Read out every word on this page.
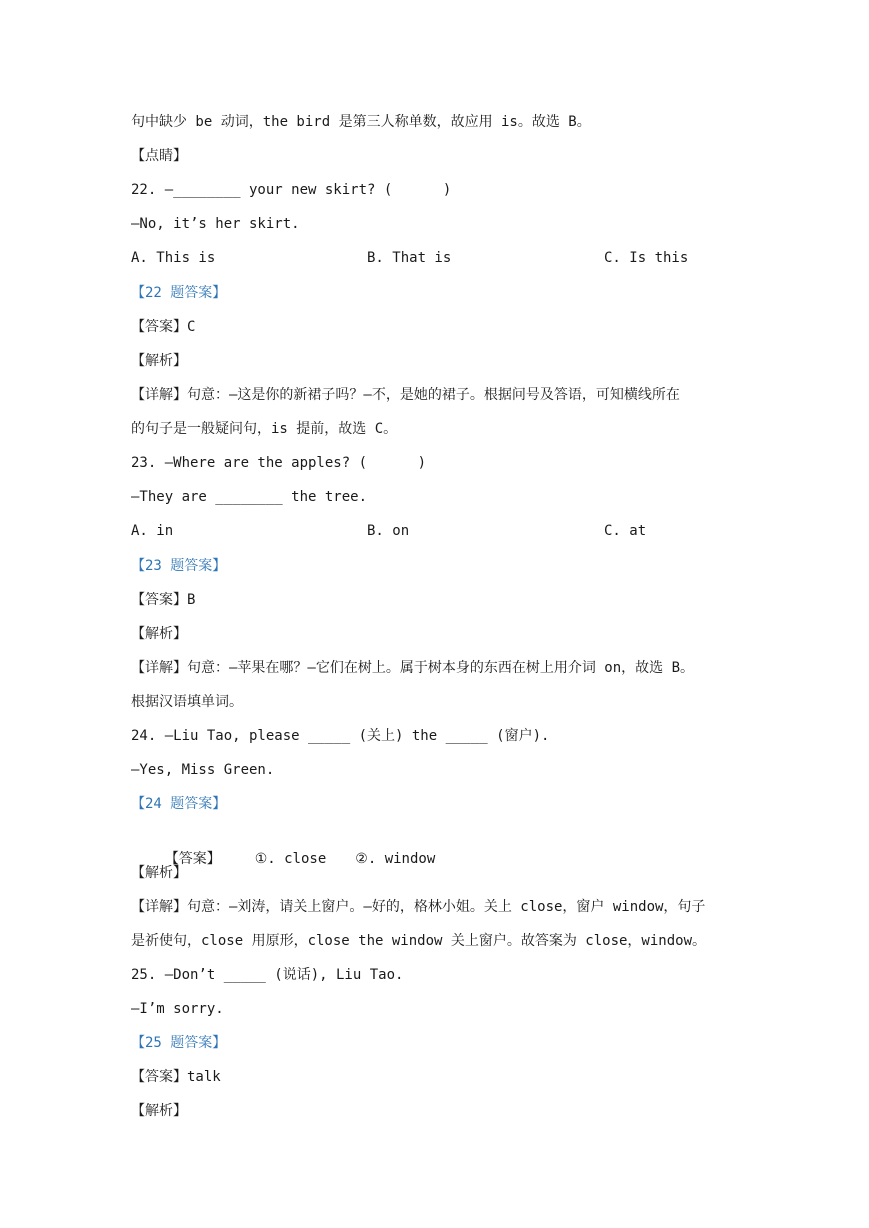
句中缺少 be 动词，the bird 是第三人称单数，故应用 is。故选 B。
【点睛】
22. —________ your new skirt? (      )
—No, it’s her skirt.
A. This is	B. That is	C. Is this
【22 题答案】
【答案】C
【解析】
【详解】句意：—这是你的新裙子吗？—不，是她的裙子。根据问号及答语，可知横线所在
的句子是一般疑问句，is 提前，故选 C。
23. —Where are the apples? (      )
—They are ________ the tree.
A. in	B. on	C. at
【23 题答案】
【答案】B
【解析】
【详解】句意：—苹果在哪？—它们在树上。属于树本身的东西在树上用介词 on，故选 B。
根据汉语填单词。
24. —Liu Tao, please _____ (关上) the _____ (窗户).
—Yes, Miss Green.
【24 题答案】

【答案】 ①. close ②. window

【解析】
【详解】句意：—刘涛，请关上窗户。—好的，格林小姐。关上 close，窗户 window，句子
是祈使句，close 用原形，close the window 关上窗户。故答案为 close，window。
25. —Don’t _____ (说话), Liu Tao.
—I’m sorry.
【25 题答案】
【答案】talk
【解析】
